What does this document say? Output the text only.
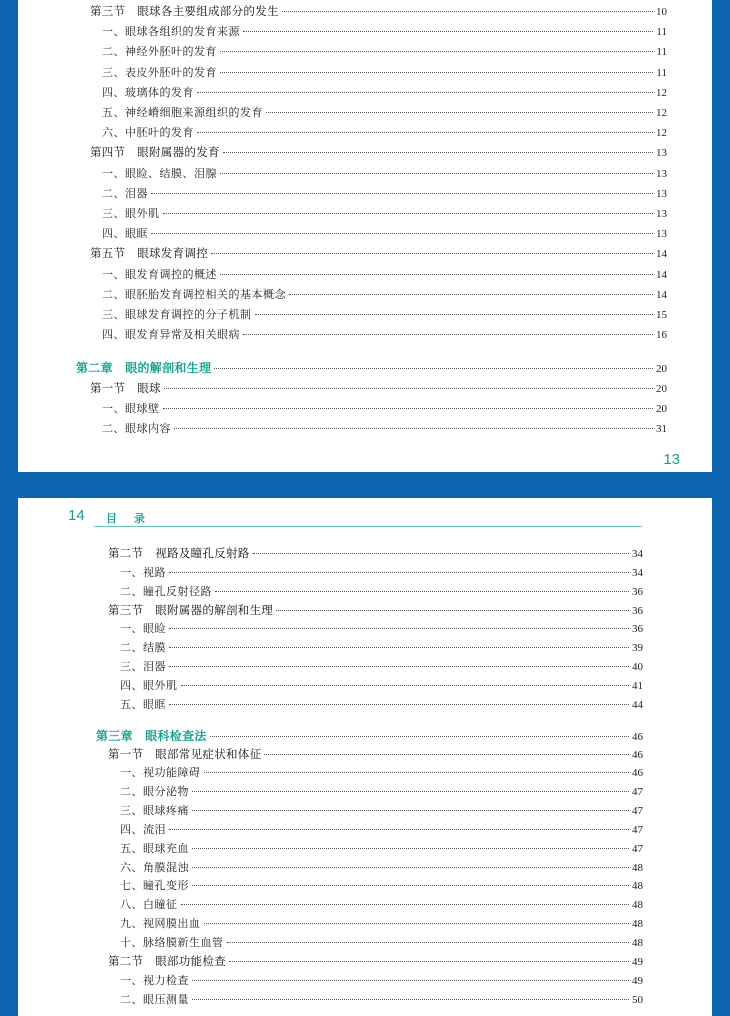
第三节　眼球各主要组成部分的发生	10
一、眼球各组织的发育来源	11
二、神经外胚叶的发育	11
三、表皮外胚叶的发育	11
四、玻璃体的发育	12
五、神经嵴细胞来源组织的发育	12
六、中胚叶的发育	12
第四节　眼附属器的发育	13
一、眼睑、结膜、泪腺	13
二、泪器	13
三、眼外肌	13
四、眼眶	13
第五节　眼球发育调控	14
一、眼发育调控的概述	14
二、眼胚胎发育调控相关的基本概念	14
三、眼球发育调控的分子机制	15
四、眼发育异常及相关眼病	16
第二章　眼的解剖和生理	20
第一节　眼球	20
一、眼球壁	20
二、眼球内容	31
13
14 目　录
第二节　视路及瞳孔反射路	34
一、视路	34
二、瞳孔反射径路	36
第三节　眼附属器的解剖和生理	36
一、眼睑	36
二、结膜	39
三、泪器	40
四、眼外肌	41
五、眼眶	44
第三章　眼科检查法	46
第一节　眼部常见症状和体征	46
一、视功能障碍	46
二、眼分泌物	47
三、眼球疼痛	47
四、流泪	47
五、眼球充血	47
六、角膜混浊	48
七、瞳孔变形	48
八、白瞳征	48
九、视网膜出血	48
十、脉络膜新生血管	48
第二节　眼部功能检查	49
一、视力检查	49
二、眼压测量	50
